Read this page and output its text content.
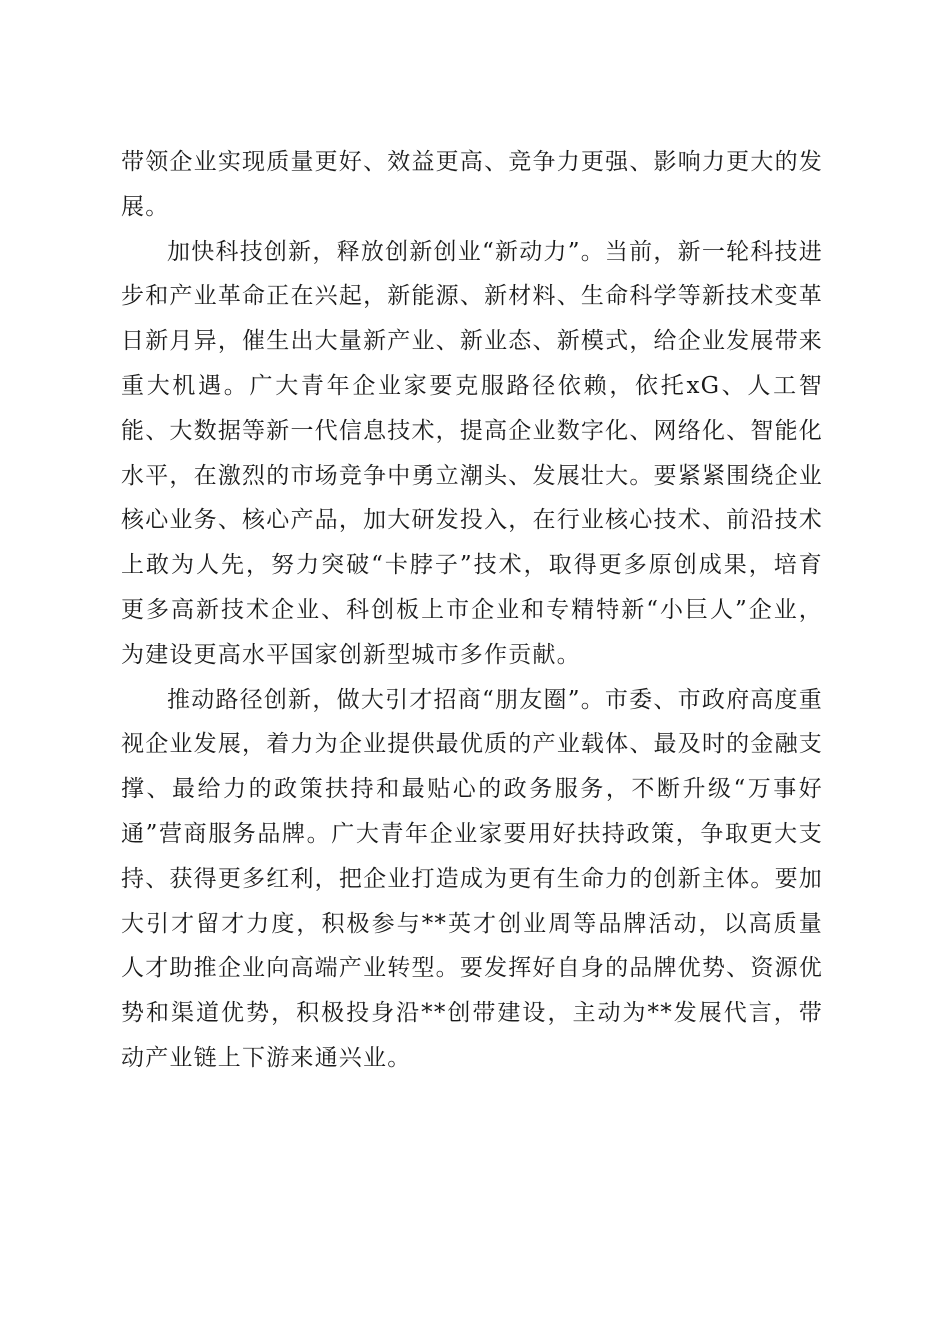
带领企业实现质量更好、效益更高、竞争力更强、影响力更大的发展。

加快科技创新，释放创新创业“新动力”。当前，新一轮科技进步和产业革命正在兴起，新能源、新材料、生命科学等新技术变革日新月异，催生出大量新产业、新业态、新模式，给企业发展带来重大机遇。广大青年企业家要克服路径依赖，依托xG、人工智能、大数据等新一代信息技术，提高企业数字化、网络化、智能化水平，在激烈的市场竞争中勇立潮头、发展壮大。要紧紧围绕企业核心业务、核心产品，加大研发投入，在行业核心技术、前沿技术上敢为人先，努力突破“卡脖子”技术，取得更多原创成果，培育更多高新技术企业、科创板上市企业和专精特新“小巨人”企业，为建设更高水平国家创新型城市多作贡献。

推动路径创新，做大引才招商“朋友圈”。市委、市政府高度重视企业发展，着力为企业提供最优质的产业载体、最及时的金融支撑、最给力的政策扶持和最贴心的政务服务，不断升级“万事好通”营商服务品牌。广大青年企业家要用好扶持政策，争取更大支持、获得更多红利，把企业打造成为更有生命力的创新主体。要加大引才留才力度，积极参与**英才创业周等品牌活动，以高质量人才助推企业向高端产业转型。要发挥好自身的品牌优势、资源优势和渠道优势，积极投身沿**创带建设，主动为**发展代言，带动产业链上下游来通兴业。
